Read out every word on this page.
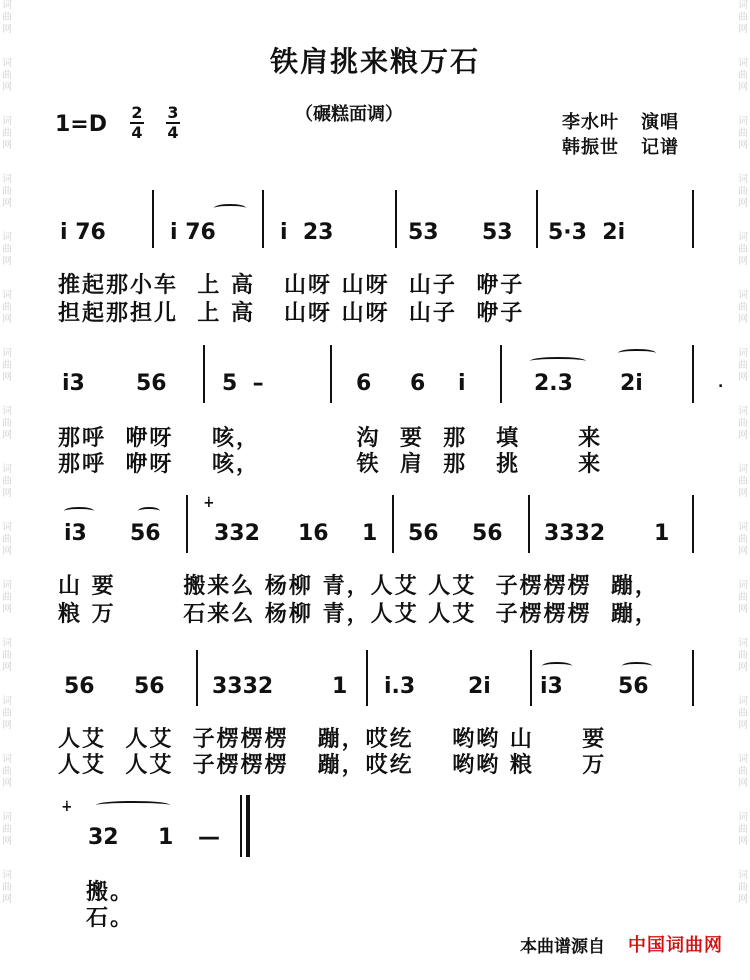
词
曲
网
词
曲
网
词
曲
网
词
曲
网
词
曲
网
词
曲
网
词
曲
网
词
曲
网
词
曲
网
词
曲
网
词
曲
网
词
曲
网
词
曲
网
词
曲
网
词
曲
网
词
曲
网
词
曲
网
词
曲
网
词
曲
网
词
曲
网
词
曲
网
词
曲
网
词
曲
网
词
曲
网
词
曲
网
词
曲
网
词
曲
网
词
曲
网
词
曲
网
词
曲
网
词
曲
网
词
曲
网
铁肩挑来粮万石
1=D 2
4
3
4
（碾糕面调）	李水叶 演唱
韩振世 记谱
i 76	i 76	i  23	53 53 5·3  2i
推起那小车  上 高   山呀 山呀  山子  咿子
担起那担儿  上 高   山呀 山呀  山子  咿子
.
i3 56	5  –	6 6 i	2.3 2i
那呼  咿呀    咳，          沟  要  那   填      来
那呼  咿呀    咳，          铁  肩  那   挑      来
∔
i3 56 332 16 1 56 56 3332 1
山 要       搬来么 杨柳 青，人艾 人艾  子楞楞楞  蹦，
粮 万       石来么 杨柳 青，人艾 人艾  子楞楞楞  蹦，
56 56 3332	1 i.3 2i i3	56
人艾  人艾  子楞楞楞   蹦，哎纥    哟哟 山     要
人艾  人艾  子楞楞楞   蹦，哎纥    哟哟 粮     万
∔
32 1 —
搬。
石。
本曲谱源自 中国词曲网
